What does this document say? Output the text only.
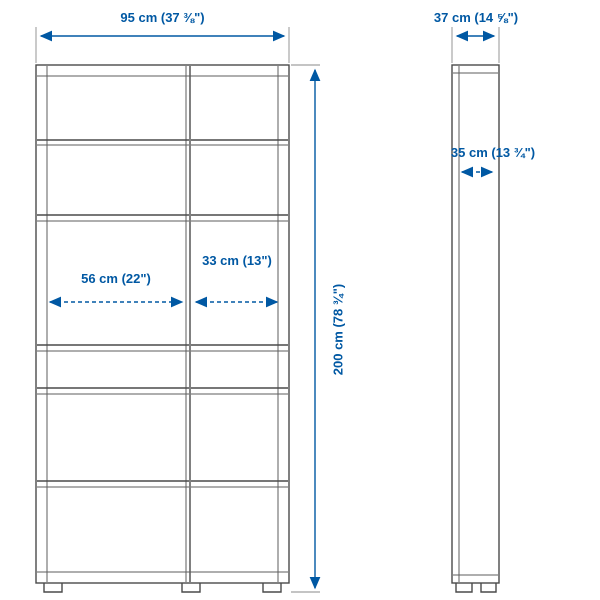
95 cm (37 ⅜")
56 cm (22")
33 cm (13")
200 cm (78 ¾")
37 cm (14 ⅝")
35 cm (13 ¾")
